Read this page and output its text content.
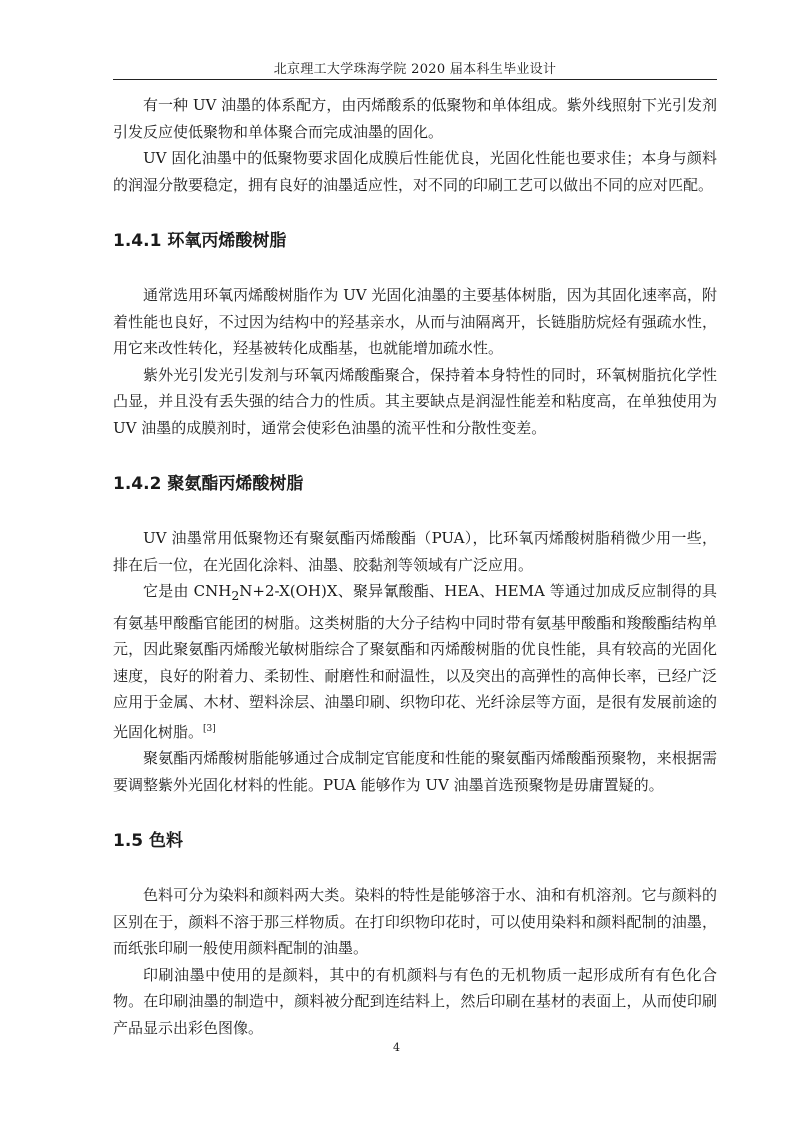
北京理工大学珠海学院 2020 届本科生毕业设计

有一种 UV 油墨的体系配方，由丙烯酸系的低聚物和单体组成。紫外线照射下光引发剂引发反应使低聚物和单体聚合而完成油墨的固化。

UV 固化油墨中的低聚物要求固化成膜后性能优良，光固化性能也要求佳；本身与颜料的润湿分散要稳定，拥有良好的油墨适应性，对不同的印刷工艺可以做出不同的应对匹配。

1.4.1 环氧丙烯酸树脂

通常选用环氧丙烯酸树脂作为 UV 光固化油墨的主要基体树脂，因为其固化速率高，附着性能也良好，不过因为结构中的羟基亲水，从而与油隔离开，长链脂肪烷烃有强疏水性，用它来改性转化，羟基被转化成酯基，也就能增加疏水性。

紫外光引发光引发剂与环氧丙烯酸酯聚合，保持着本身特性的同时，环氧树脂抗化学性凸显，并且没有丢失强的结合力的性质。其主要缺点是润湿性能差和粘度高，在单独使用为 UV 油墨的成膜剂时，通常会使彩色油墨的流平性和分散性变差。

1.4.2 聚氨酯丙烯酸树脂

UV 油墨常用低聚物还有聚氨酯丙烯酸酯（PUA），比环氧丙烯酸树脂稍微少用一些，排在后一位，在光固化涂料、油墨、胶黏剂等领域有广泛应用。

它是由 $CNH_2N+2-X(OH)X$、聚异氰酸酯、HEA、HEMA 等通过加成反应制得的具有氨基甲酸酯官能团的树脂。这类树脂的大分子结构中同时带有氨基甲酸酯和羧酸酯结构单元，因此聚氨酯丙烯酸光敏树脂综合了聚氨酯和丙烯酸树脂的优良性能，具有较高的光固化速度，良好的附着力、柔韧性、耐磨性和耐温性，以及突出的高弹性的高伸长率，已经广泛应用于金属、木材、塑料涂层、油墨印刷、织物印花、光纤涂层等方面，是很有发展前途的光固化树脂。[3]

聚氨酯丙烯酸树脂能够通过合成制定官能度和性能的聚氨酯丙烯酸酯预聚物，来根据需要调整紫外光固化材料的性能。PUA 能够作为 UV 油墨首选预聚物是毋庸置疑的。

1.5 色料

色料可分为染料和颜料两大类。染料的特性是能够溶于水、油和有机溶剂。它与颜料的区别在于，颜料不溶于那三样物质。在打印织物印花时，可以使用染料和颜料配制的油墨，而纸张印刷一般使用颜料配制的油墨。

印刷油墨中使用的是颜料，其中的有机颜料与有色的无机物质一起形成所有有色化合物。在印刷油墨的制造中，颜料被分配到连结料上，然后印刷在基材的表面上，从而使印刷产品显示出彩色图像。

4
